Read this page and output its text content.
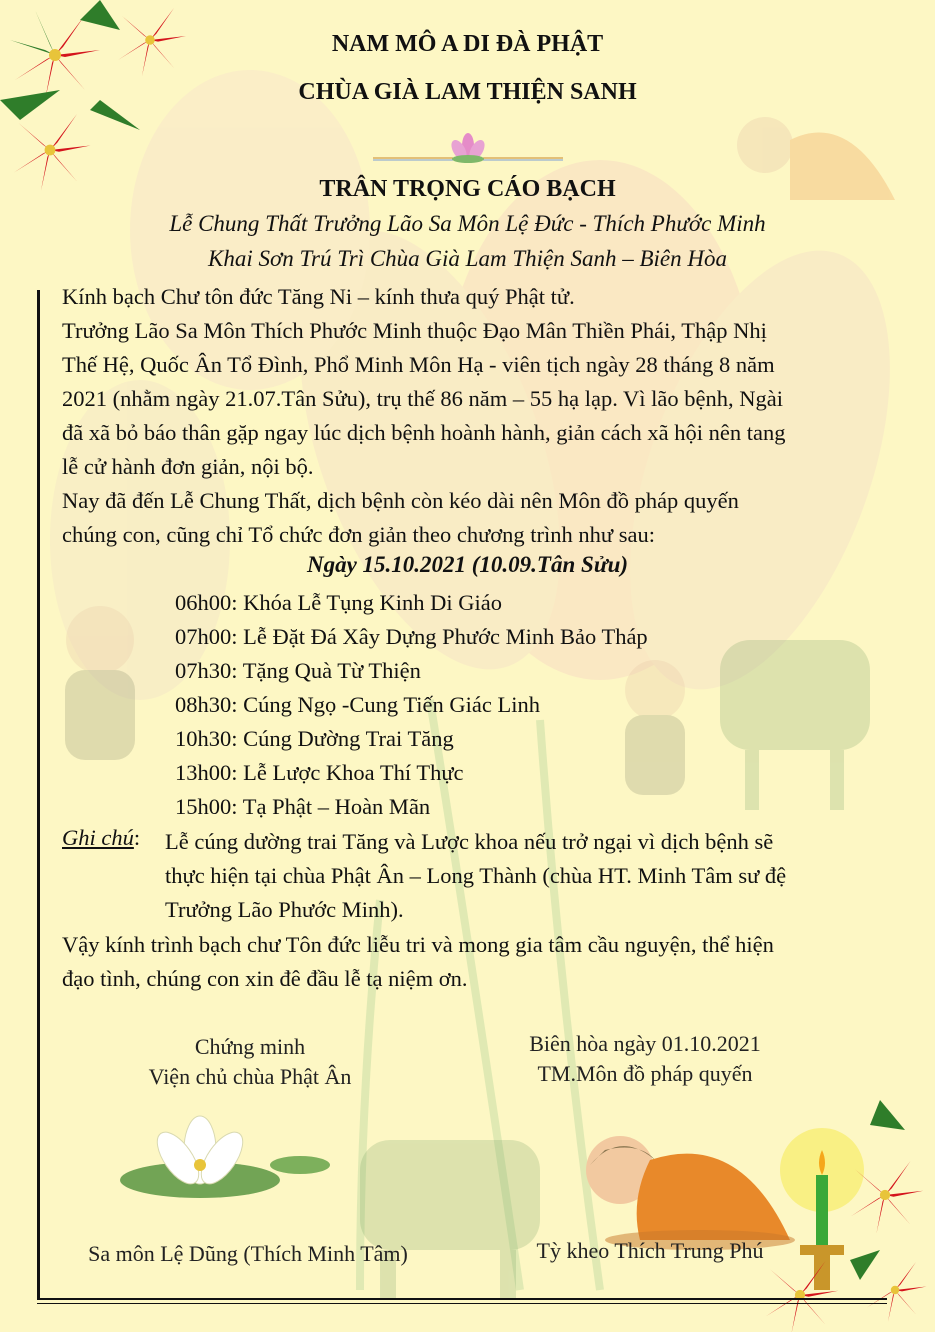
NAM MÔ A DI ĐÀ PHẬT
CHÙA GIÀ LAM THIỆN SANH
TRÂN TRỌNG CÁO BẠCH
Lễ Chung Thất Trưởng Lão Sa Môn Lệ Đức - Thích Phước Minh
Khai Sơn Trú Trì Chùa Già Lam Thiện Sanh – Biên Hòa
Kính bạch Chư tôn đức Tăng Ni – kính thưa quý Phật tử.
Trưởng Lão Sa Môn Thích Phước Minh thuộc Đạo Mân Thiền Phái, Thập Nhị
Thế Hệ, Quốc Ân Tổ Đình, Phổ Minh Môn Hạ - viên tịch ngày 28 tháng 8 năm
2021 (nhằm ngày 21.07.Tân Sửu), trụ thế 86 năm – 55 hạ lạp. Vì lão bệnh, Ngài
đã xã bỏ báo thân gặp ngay lúc dịch bệnh hoành hành, giản cách xã hội nên tang
lễ cử hành đơn giản, nội bộ.
Nay đã đến Lễ Chung Thất, dịch bệnh còn kéo dài nên Môn đồ pháp quyến
chúng con, cũng chỉ Tổ chức đơn giản theo chương trình như sau:
Ngày 15.10.2021 (10.09.Tân Sửu)
06h00: Khóa Lễ Tụng Kinh Di Giáo
07h00: Lễ Đặt Đá Xây Dựng Phước Minh Bảo Tháp
07h30: Tặng Quà Từ Thiện
08h30: Cúng Ngọ -Cung Tiến Giác Linh
10h30: Cúng Dường Trai Tăng
13h00: Lễ Lược Khoa Thí Thực
15h00: Tạ Phật – Hoàn Mãn
Ghi chú: Lễ cúng dường trai Tăng và Lược khoa nếu trở ngại vì dịch bệnh sẽ
thực hiện tại chùa Phật Ân – Long Thành (chùa HT. Minh Tâm sư đệ
Trưởng Lão Phước Minh).
Vậy kính trình bạch chư Tôn đức liễu tri và mong gia tâm cầu nguyện, thể hiện
đạo tình, chúng con xin đê đầu lễ tạ niệm ơn.
Chứng minh
Viện chủ chùa Phật Ân
Sa môn Lệ Dũng (Thích Minh Tâm)
Biên hòa ngày 01.10.2021
TM.Môn đồ pháp quyến
Tỳ kheo Thích Trung Phú
